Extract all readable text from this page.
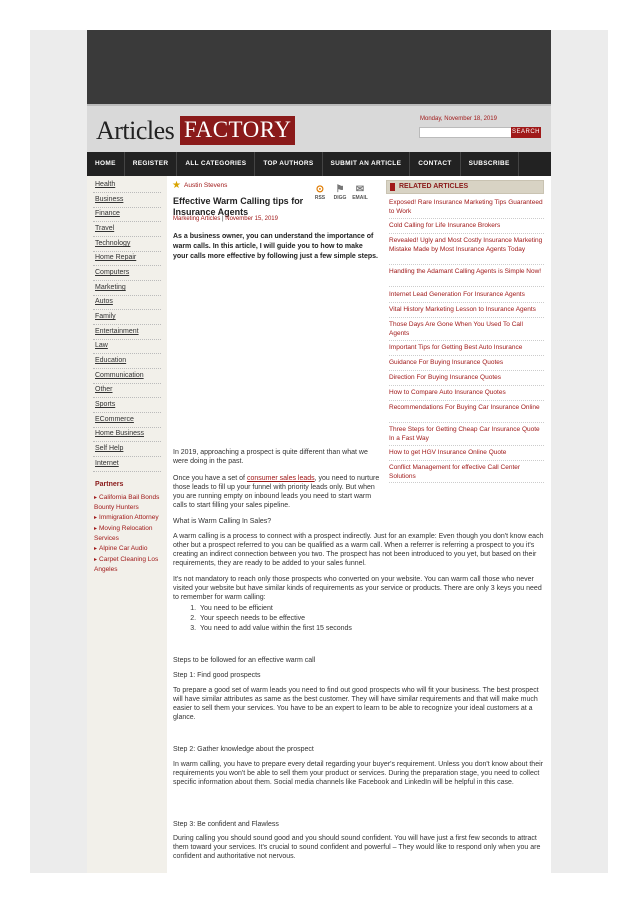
Articles FACTORY	Monday, November 18, 2019
SEARCH
HOME	REGISTER	ALL CATEGORIES	TOP AUTHORS	SUBMIT AN ARTICLE	CONTACT	SUBSCRIBE
Health
Business
Finance
Travel
Technology
Home Repair
Computers
Marketing
Autos
Family
Entertainment
Law
Education
Communication
Other
Sports
ECommerce
Home Business
Self Help
Internet
Partners
▸ California Bail Bonds Bounty Hunters
▸ Immigration Attorney
▸ Moving Relocation Services
▸ Alpine Car Audio
▸ Carpet Cleaning Los Angeles
★ Austin Stevens
Effective Warm Calling tips for Insurance Agents
Marketing Articles | November 15, 2019
⊙
RSS
⚑
DIGG
✉
EMAIL
As a business owner, you can understand the importance of warm calls. In this article, I will guide you to how to make your calls more effective by following just a few simple steps.
RELATED ARTICLES
Exposed! Rare Insurance Marketing Tips Guaranteed to Work
Cold Calling for Life Insurance Brokers
Revealed! Ugly and Most Costly Insurance Marketing Mistake Made by Most Insurance Agents Today
Handling the Adamant Calling Agents is Simple Now!
Internet Lead Generation For Insurance Agents
Vital History Marketing Lesson to Insurance Agents
Those Days Are Gone When You Used To Call Agents
Important Tips for Getting Best Auto Insurance
Guidance For Buying Insurance Quotes
Direction For Buying Insurance Quotes
How to Compare Auto Insurance Quotes
Recommendations For Buying Car Insurance Online
Three Steps for Getting Cheap Car Insurance Quote In a Fast Way
How to get HGV Insurance Online Quote
Conflict Management for effective Call Center Solutions
In 2019, approaching a prospect is quite different than what we were doing in the past.
Once you have a set of consumer sales leads, you need to nurture those leads to fill up your funnel with priority leads only. But when you are running empty on inbound leads you need to start warm calls to start filling your sales pipeline.
What is Warm Calling In Sales?
A warm calling is a process to connect with a prospect indirectly. Just for an example: Even though you don't know each other but a prospect referred to you can be qualified as a warm call. When a referrer is referring a prospect to you it's creating an indirect connection between you two. The prospect has not been introduced to you yet, but based on their requirements, they are ready to be added to your sales funnel.
It's not mandatory to reach only those prospects who converted on your website. You can warm call those who never visited your website but have similar kinds of requirements as your service or products. There are only 3 keys you need to remember for warm calling:
1. You need to be efficient
2. Your speech needs to be effective
3. You need to add value within the first 15 seconds
Steps to be followed for an effective warm call
Step 1: Find good prospects
To prepare a good set of warm leads you need to find out good prospects who will fit your business. The best prospect will have similar attributes as same as the best customer. They will have similar requirements and that will make much easier to sell them your services. You have to be an expert to learn to be able to recognize your ideal customers at a glance.
Step 2: Gather knowledge about the prospect
In warm calling, you have to prepare every detail regarding your buyer's requirement. Unless you don't know about their requirements you won't be able to sell them your product or services. During the preparation stage, you need to collect specific information about them. Social media channels like Facebook and LinkedIn will be helpful in this case.
Step 3: Be confident and Flawless
During calling you should sound good and you should sound confident. You will have just a first few seconds to attract them toward your services. It's crucial to sound confident and powerful – They would like to respond only when you are confident and authoritative not nervous.
